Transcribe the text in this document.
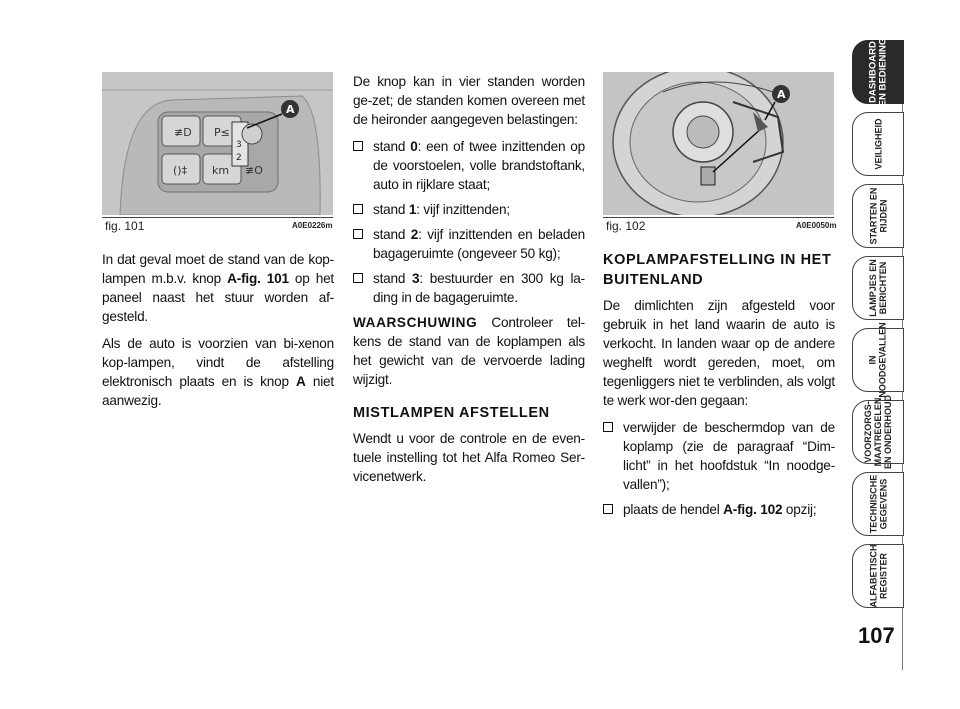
≢D P≤
()‡ km
3
2
≢O
A
fig. 101	A0E0226m

In dat geval moet de stand van de kop-lampen m.b.v. knop A-fig. 101 op het paneel naast het stuur worden af-gesteld.

Als de auto is voorzien van bi-xenon kop-lampen, vindt de afstelling elektronisch plaats en is knop A niet aanwezig.

De knop kan in vier standen worden ge-zet; de standen komen overeen met de heironder aangegeven belastingen:

stand 0: een of twee inzittenden op de voorstoelen, volle brandstoftank, auto in rijklare staat;
stand 1: vijf inzittenden;
stand 2: vijf inzittenden en beladen bagageruimte (ongeveer 50 kg);
stand 3: bestuurder en 300 kg la-ding in de bagageruimte.

WAARSCHUWING Controleer tel-kens de stand van de koplampen als het gewicht van de vervoerde lading wijzigt.

MISTLAMPEN AFSTELLEN

Wendt u voor de controle en de even-tuele instelling tot het Alfa Romeo Ser-vicenetwerk.

A
fig. 102	A0E0050m
KOPLAMPAFSTELLING IN HET BUITENLAND

De dimlichten zijn afgesteld voor gebruik in het land waarin de auto is verkocht. In landen waar op de andere weghelft wordt gereden, moet, om tegenliggers niet te verblinden, als volgt te werk wor-den gegaan:

verwijder de beschermdop van de koplamp (zie de paragraaf “Dim-licht” in het hoofdstuk “In noodge-vallen”);
plaats de hendel A-fig. 102 opzij;
DASHBOARD
EN BEDIENING
VEILIGHEID
STARTEN EN
RIJDEN
LAMPJES EN
BERICHTEN
IN
NOODGEVALLEN
VOORZORGS-
MAATREGELEN
EN ONDERHOUD
TECHNISCHE
GEGEVENS
ALFABETISCH
REGISTER
107
